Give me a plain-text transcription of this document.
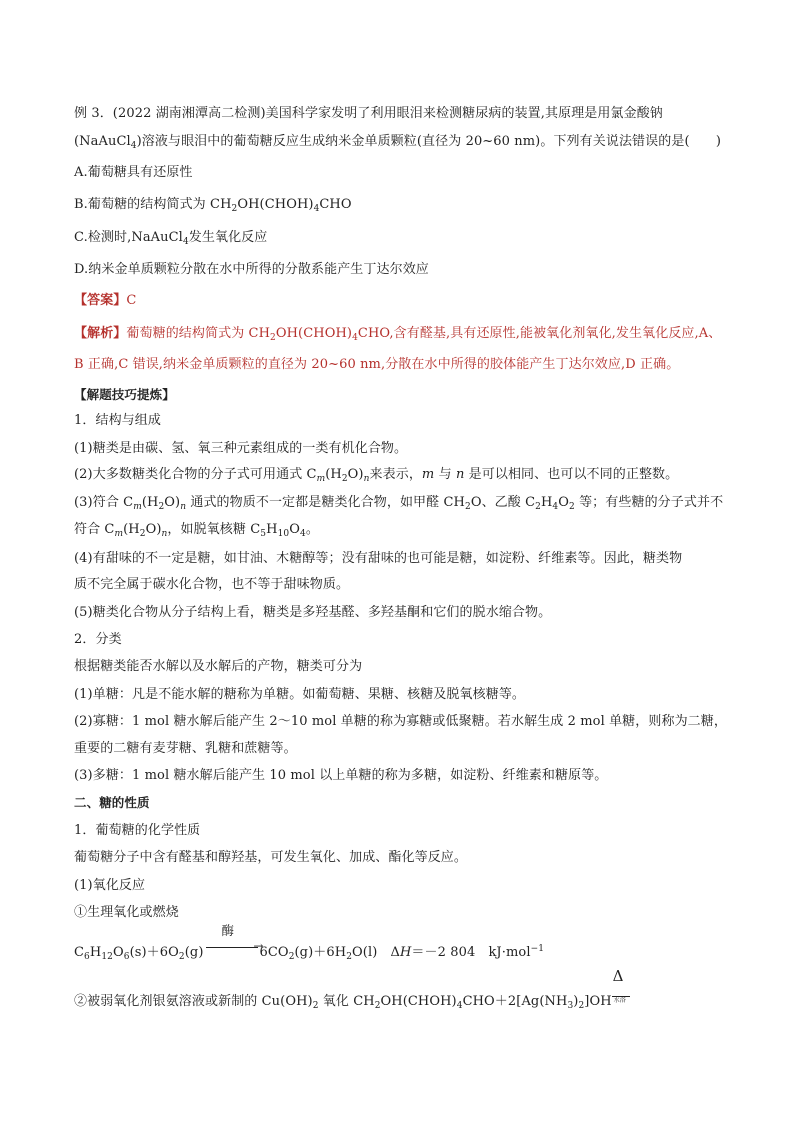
例 3．(2022 湖南湘潭高二检测)美国科学家发明了利用眼泪来检测糖尿病的装置,其原理是用氯金酸钠
(NaAuCl$_4$)溶液与眼泪中的葡萄糖反应生成纳米金单质颗粒(直径为 20~60 nm)。下列有关说法错误的是(　　)
A.葡萄糖具有还原性
B.葡萄糖的结构简式为 $CH_2OH(CHOH)_4CHO$
C.检测时,NaAuCl$_4$发生氧化反应
D.纳米金单质颗粒分散在水中所得的分散系能产生丁达尔效应
【答案】C
【解析】葡萄糖的结构简式为 $CH_2OH(CHOH)_4CHO$,含有醛基,具有还原性,能被氧化剂氧化,发生氧化反应,A、
B 正确,C 错误,纳米金单质颗粒的直径为 20~60 nm,分散在水中所得的胶体能产生丁达尔效应,D 正确。
【解题技巧提炼】
1．结构与组成
(1)糖类是由碳、氢、氧三种元素组成的一类有机化合物。
(2)大多数糖类化合物的分子式可用通式 $C_m(H_2O)_n$来表示，m 与 n 是可以相同、也可以不同的正整数。
(3)符合 $C_m(H_2O)_n$ 通式的物质不一定都是糖类化合物，如甲醛 $CH_2O$、乙酸 $C_2H_4O_2$ 等；有些糖的分子式并不
符合 $C_m(H_2O)_n$，如脱氧核糖 $C_5H_{10}O_4$。
(4)有甜味的不一定是糖，如甘油、木糖醇等；没有甜味的也可能是糖，如淀粉、纤维素等。因此，糖类物
质不完全属于碳水化合物，也不等于甜味物质。
(5)糖类化合物从分子结构上看，糖类是多羟基醛、多羟基酮和它们的脱水缩合物。
2．分类
根据糖类能否水解以及水解后的产物，糖类可分为
(1)单糖：凡是不能水解的糖称为单糖。如葡萄糖、果糖、核糖及脱氧核糖等。
(2)寡糖：1 mol 糖水解后能产生 2～10 mol 单糖的称为寡糖或低聚糖。若水解生成 2 mol 单糖，则称为二糖，
重要的二糖有麦芽糖、乳糖和蔗糖等。
(3)多糖：1 mol 糖水解后能产生 10 mol 以上单糖的称为多糖，如淀粉、纤维素和糖原等。
二、糖的性质
1．葡萄糖的化学性质
葡萄糖分子中含有醛基和醇羟基，可发生氧化、加成、酯化等反应。
(1)氧化反应
①生理氧化或燃烧
$C_6H_{12}O_6(s)+6O_2(g)$
酶
→
$6CO_2(g)+6H_2O(l)$　ΔH＝－2 804　kJ·mol$^{-1}$
②被弱氧化剂银氨溶液或新制的 $Cu(OH)_2$ 氧化 $CH_2OH(CHOH)_4CHO+2[Ag(NH_3)_2]OH$
Δ
水浴
